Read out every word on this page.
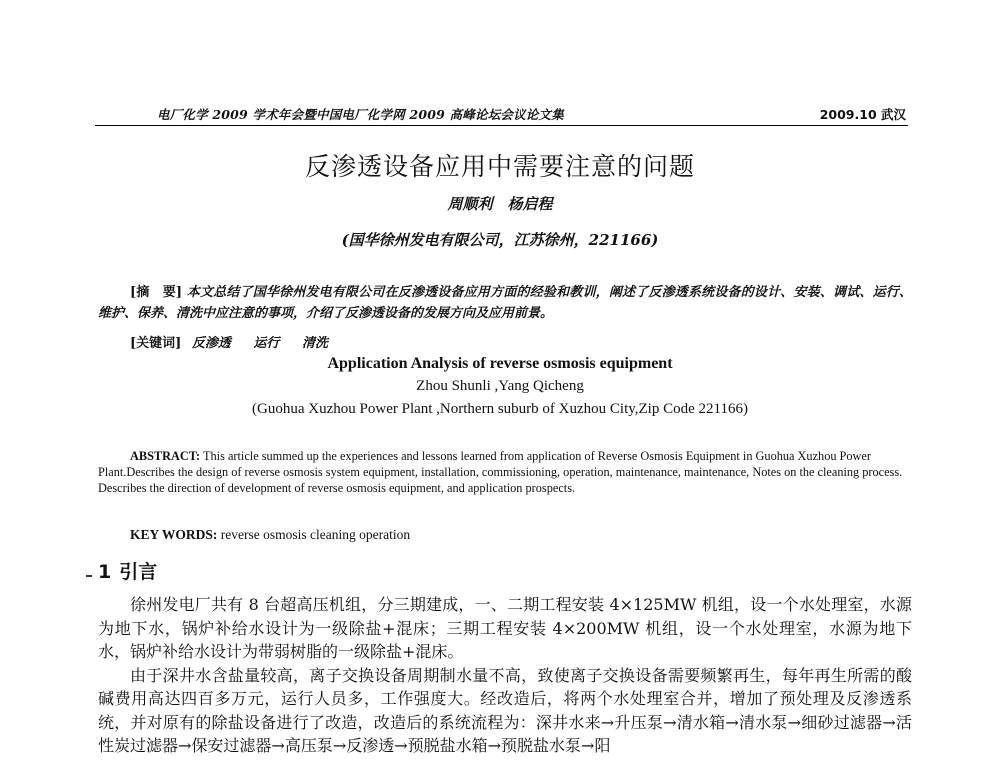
电厂化学 2009 学术年会暨中国电厂化学网 2009 高峰论坛会议论文集	2009.10 武汉
反渗透设备应用中需要注意的问题
周顺利　杨启程
(国华徐州发电有限公司，江苏徐州，221166)
[摘　要] 本文总结了国华徐州发电有限公司在反渗透设备应用方面的经验和教训，阐述了反渗透系统设备的设计、安装、调试、运行、维护、保养、清洗中应注意的事项，介绍了反渗透设备的发展方向及应用前景。
[关键词] 反渗透 运行 清洗
Application Analysis of reverse osmosis equipment
Zhou Shunli ,Yang Qicheng
(Guohua Xuzhou Power Plant ,Northern suburb of Xuzhou City,Zip Code 221166)
ABSTRACT: This article summed up the experiences and lessons learned from application of Reverse Osmosis Equipment in Guohua Xuzhou Power Plant.Describes the design of reverse osmosis system equipment, installation, commissioning, operation, maintenance, maintenance, Notes on the cleaning process. Describes the direction of development of reverse osmosis equipment, and application prospects.
KEY WORDS: reverse osmosis cleaning operation
1 引言

徐州发电厂共有 8 台超高压机组，分三期建成，一、二期工程安装 4×125MW 机组，设一个水处理室，水源为地下水，锅炉补给水设计为一级除盐+混床；三期工程安装 4×200MW 机组，设一个水处理室，水源为地下水，锅炉补给水设计为带弱树脂的一级除盐+混床。

由于深井水含盐量较高，离子交换设备周期制水量不高，致使离子交换设备需要频繁再生，每年再生所需的酸碱费用高达四百多万元，运行人员多，工作强度大。经改造后，将两个水处理室合并，增加了预处理及反渗透系统，并对原有的除盐设备进行了改造，改造后的系统流程为：深井水来→升压泵→清水箱→清水泵→细砂过滤器→活性炭过滤器→保安过滤器→高压泵→反渗透→预脱盐水箱→预脱盐水泵→阳
